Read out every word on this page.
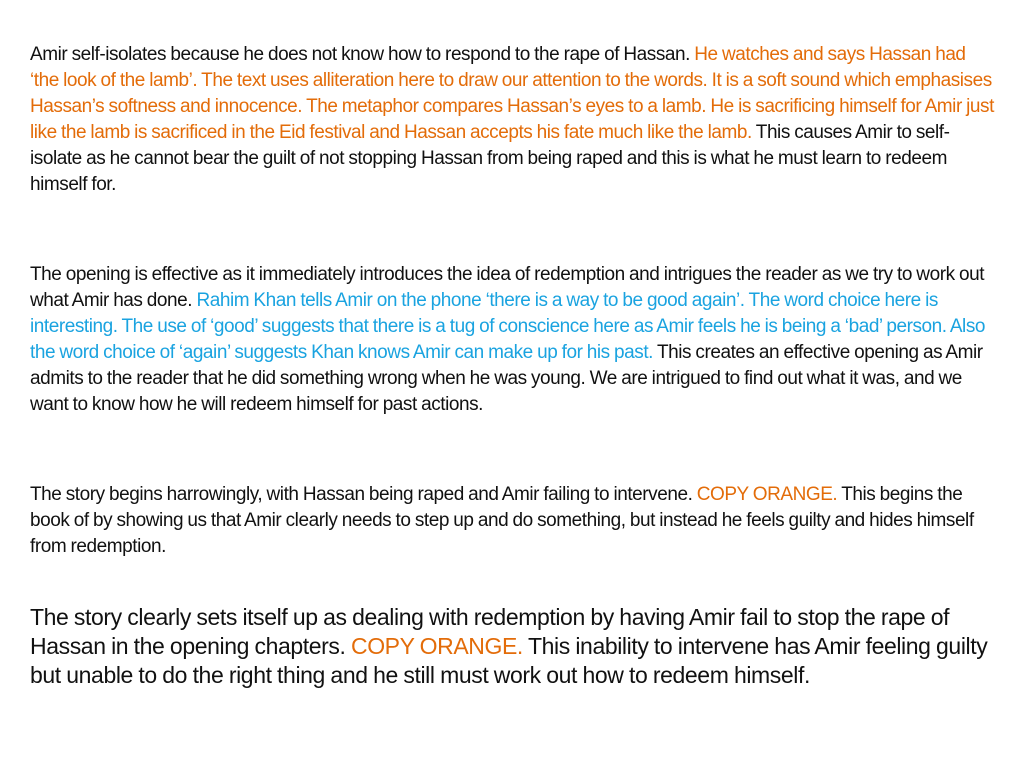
Amir self-isolates because he does not know how to respond to the rape of Hassan. He watches and says Hassan had ‘the look of the lamb’. The text uses alliteration here to draw our attention to the words. It is a soft sound which emphasises Hassan’s softness and innocence. The metaphor compares Hassan’s eyes to a lamb. He is sacrificing himself for Amir just like the lamb is sacrificed in the Eid festival and Hassan accepts his fate much like the lamb. This causes Amir to self-isolate as he cannot bear the guilt of not stopping Hassan from being raped and this is what he must learn to redeem himself for.

The opening is effective as it immediately introduces the idea of redemption and intrigues the reader as we try to work out what Amir has done. Rahim Khan tells Amir on the phone ‘there is a way to be good again’. The word choice here is interesting. The use of ‘good’ suggests that there is a tug of conscience here as Amir feels he is being a ‘bad’ person. Also the word choice of ‘again’ suggests Khan knows Amir can make up for his past. This creates an effective opening as Amir admits to the reader that he did something wrong when he was young. We are intrigued to find out what it was, and we want to know how he will redeem himself for past actions.

The story begins harrowingly, with Hassan being raped and Amir failing to intervene. COPY ORANGE. This begins the book of by showing us that Amir clearly needs to step up and do something, but instead he feels guilty and hides himself from redemption.

The story clearly sets itself up as dealing with redemption by having Amir fail to stop the rape of Hassan in the opening chapters. COPY ORANGE. This inability to intervene has Amir feeling guilty but unable to do the right thing and he still must work out how to redeem himself.
